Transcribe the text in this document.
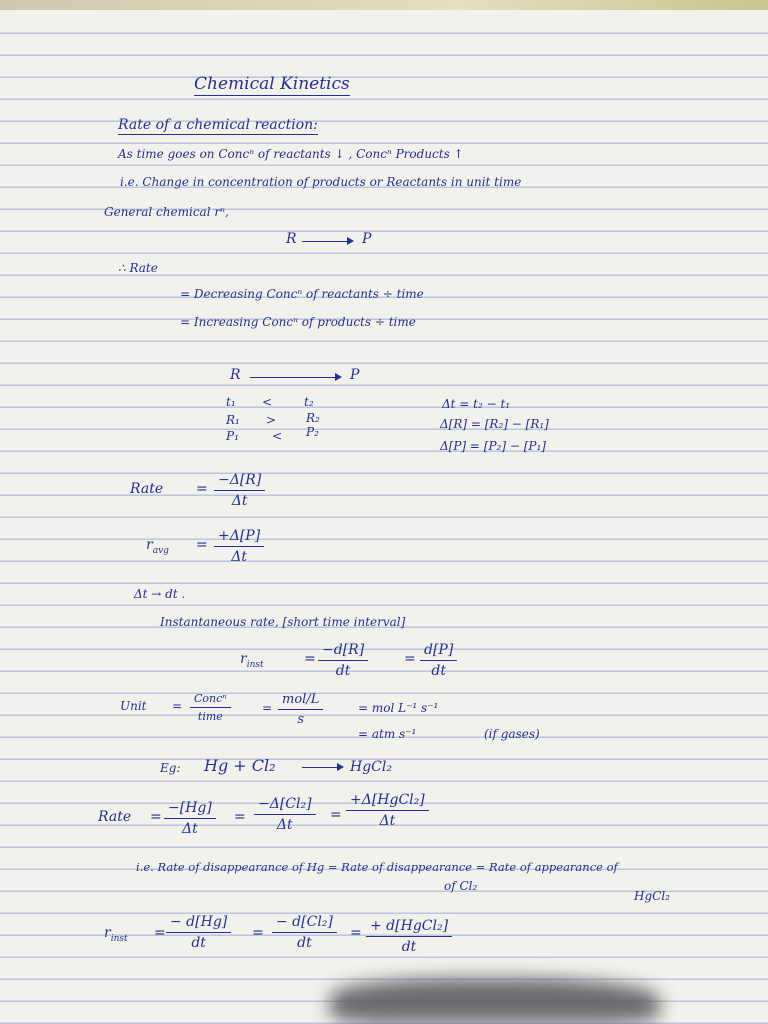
Chemical Kinetics
Rate of a chemical reaction:
As time goes on Concⁿ of reactants ↓ , Concⁿ Products ↑
i.e. Change in concentration of products or Reactants in unit time
General chemical rⁿ,
R → P
∴ Rate
= Decreasing Concⁿ of reactants ÷ time
= Increasing Concⁿ of products ÷ time
R	P
t₁ <	t₂
R₁ > R₂
P₁	< P₂
Δt = t₂ − t₁
Δ[R] = [R₂] − [R₁]
Δ[P] = [P₂] − [P₁]
Rate = $\frac{-\Delta[R]}{\Delta t}$
$r_{avg} = \frac{+\Delta[P]}{\Delta t}$
Δt → dt .
Instantaneous rate, [short time interval]
$r_{inst}$	= $\frac{-d[R]}{dt}$	= $\frac{d[P]}{dt}$
Unit =
Concⁿ
time
=
mol/L
s
= mol L⁻¹ s⁻¹
= atm s⁻¹	(if gases)
Eg: Hg + Cl₂	HgCl₂
Rate = $\frac{-[Hg]}{\Delta t} = \frac{\text{−Δ[Cl₂]}}{\Delta t}$ =
+Δ[HgCl₂]
Δt
i.e. Rate of disappearance of Hg = Rate of disappearance = Rate of appearance of
of Cl₂
HgCl₂
$r_{inst} = \frac{- d[Hg]}{dt} = \frac{\text{− d[Cl₂]}}{dt}$ = + d[HgCl₂]
dt
